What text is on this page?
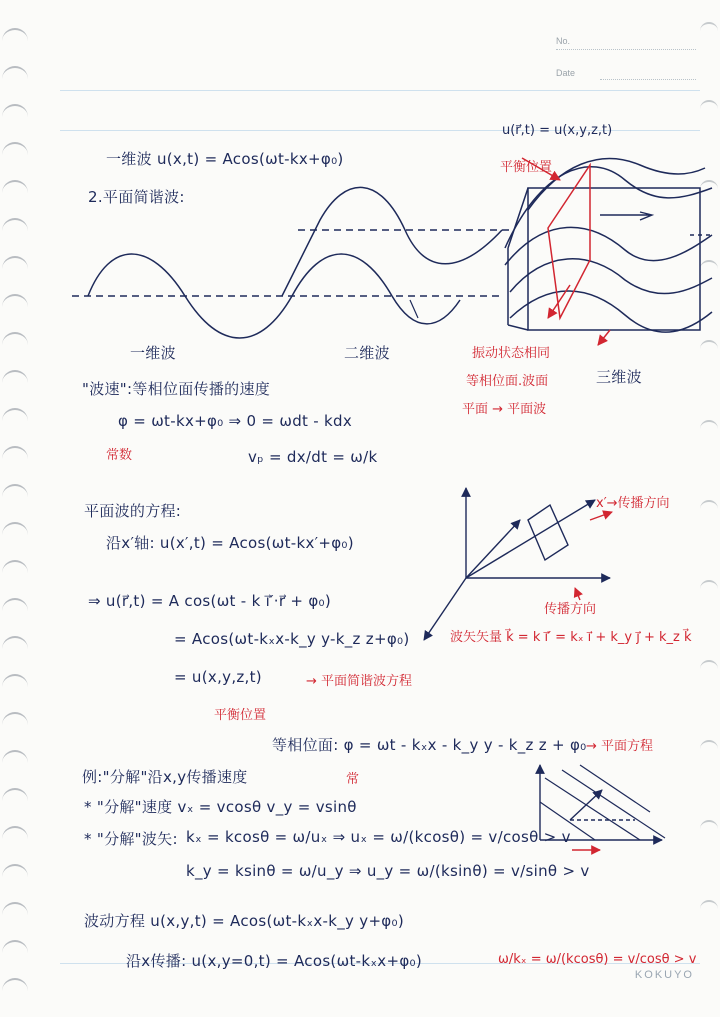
No.
Date
一维波 u(x,t) = Acos(ωt-kx+φ₀)
2.平面简谐波:
一维波	二维波
三维波
u(r⃗,t) = u(x,y,z,t)
平衡位置
振动状态相同
等相位面.波面
平面 → 平面波
"波速":等相位面传播的速度
φ = ωt-kx+φ₀ ⇒ 0 = ωdt - kdx
常数	vₚ = dx/dt = ω/k
平面波的方程:
沿x′轴: u(x′,t) = Acos(ωt-kx′+φ₀)
⇒ u(r⃗,t) = A cos(ωt - k i⃗′·r⃗ + φ₀)
= Acos(ωt-kₓx-k_y y-k_z z+φ₀)
= u(x,y,z,t)	→ 平面简谐波方程
平衡位置
波矢矢量 k⃗ = k i⃗′ = kₓ i⃗ + k_y j⃗ + k_z k⃗
x′→传播方向
传播方向
等相位面: φ = ωt - kₓx - k_y y - k_z z + φ₀ → 平面方程
例:"分解"沿x,y传播速度	常
* "分解"速度 vₓ = vcosθ v_y = vsinθ
* "分解"波矢: kₓ = kcosθ = ω/uₓ ⇒ uₓ = ω/(kcosθ) = v/cosθ > v
k_y = ksinθ = ω/u_y ⇒ u_y = ω/(ksinθ) = v/sinθ > v
波动方程 u(x,y,t) = Acos(ωt-kₓx-k_y y+φ₀)
沿x传播: u(x,y=0,t) = Acos(ωt-kₓx+φ₀)	ω/kₓ = ω/(kcosθ) = v/cosθ > v
KOKUYO
